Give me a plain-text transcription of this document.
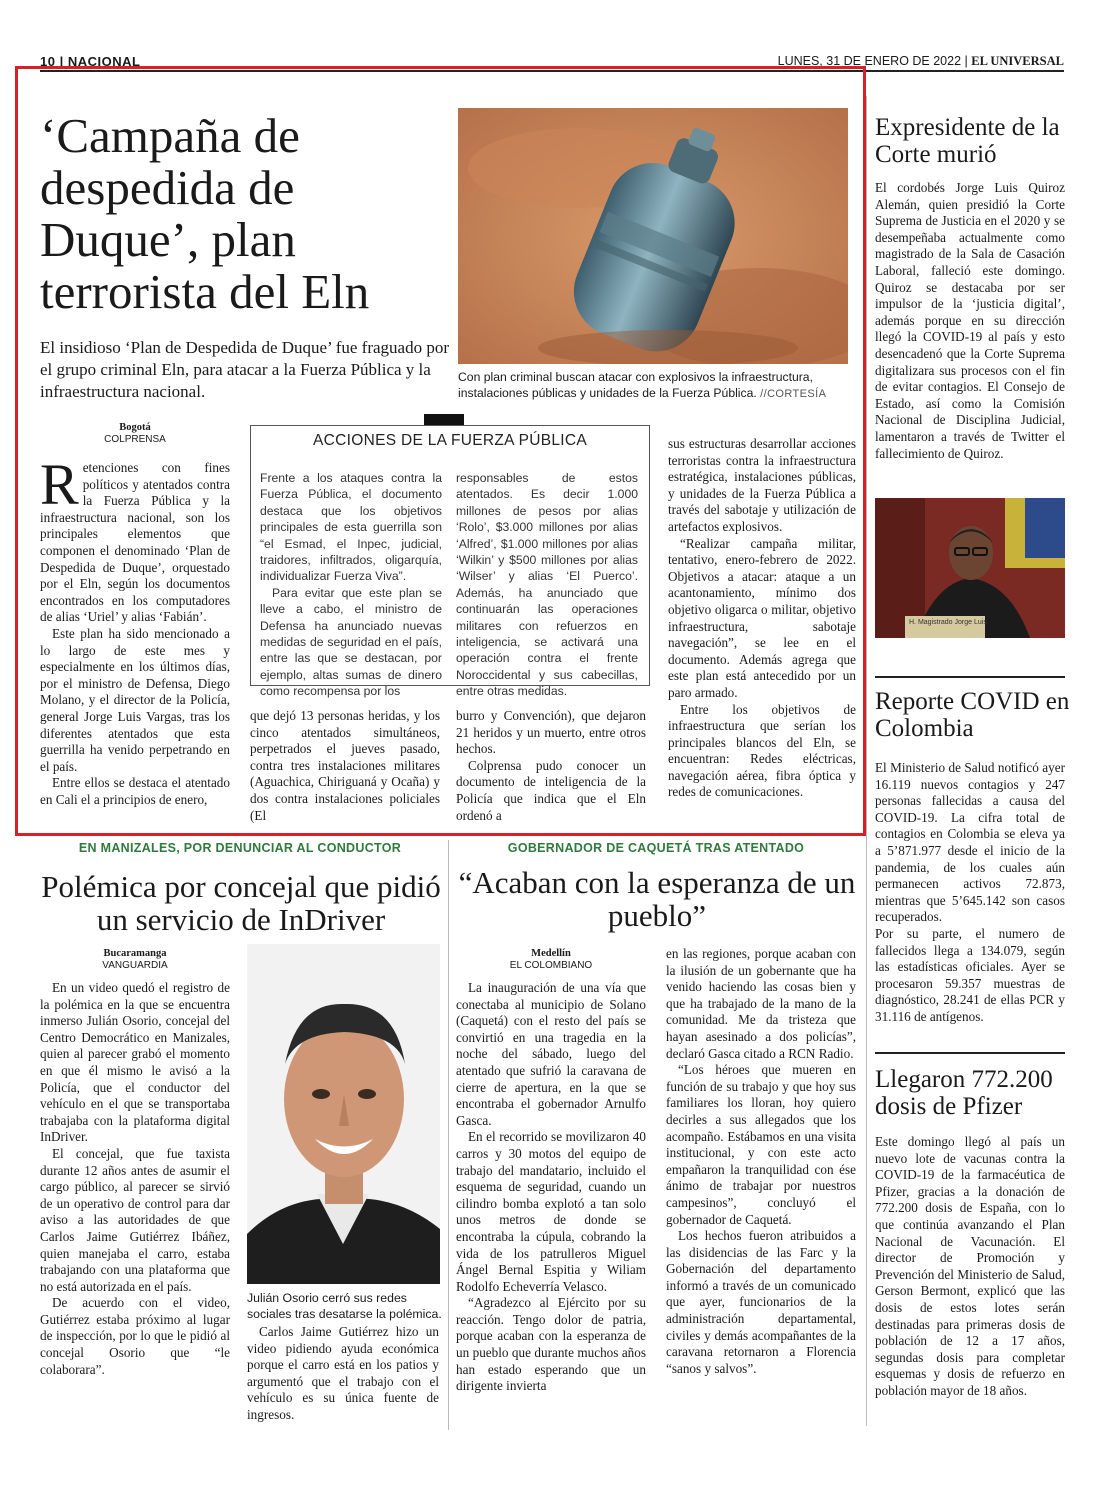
10 | NACIONAL	LUNES, 31 DE ENERO DE 2022 | EL UNIVERSAL
‘Campaña de despedida de Duque’, plan terrorista del Eln
El insidioso ‘Plan de Despedida de Duque’ fue fraguado por el grupo criminal Eln, para atacar a la Fuerza Pública y la infraestructura nacional.
Con plan criminal buscan atacar con explosivos la infraestructura, instalaciones públicas y unidades de la Fuerza Pública. //CORTESÍA
Bogotá
COLPRENSA
R etenciones con fines políticos y atentados contra la Fuerza Pública y la infraestructura nacional, son los principales elementos que componen el denominado ‘Plan de Despedida de Duque’, orquestado por el Eln, según los documentos encontrados en los computadores de alias ‘Uriel’ y alias ‘Fabián’.

Este plan ha sido mencionado a lo largo de este mes y especialmente en los últimos días, por el ministro de Defensa, Diego Molano, y el director de la Policía, general Jorge Luis Vargas, tras los diferentes atentados que esta guerrilla ha venido perpetrando en el país.

Entre ellos se destaca el atentado en Cali el a principios de enero,

ACCIONES DE LA FUERZA PÚBLICA
Frente a los ataques contra la Fuerza Pública, el documento destaca que los objetivos principales de esta guerrilla son “el Esmad, el Inpec, judicial, traidores, infiltrados, oligarquía, individualizar Fuerza Viva”.

Para evitar que este plan se lleve a cabo, el ministro de Defensa ha anunciado nuevas medidas de seguridad en el país, entre las que se destacan, por ejemplo, altas sumas de dinero como recompensa por los

responsables de estos atentados. Es decir 1.000 millones de pesos por alias ‘Rolo’, $3.000 millones por alias ‘Alfred’, $1.000 millones por alias ‘Wilkin’ y $500 millones por alias ‘Wilser’ y alias ‘El Puerco’. Además, ha anunciado que continuarán las operaciones militares con refuerzos en inteligencia, se activará una operación contra el frente Noroccidental y sus cabecillas, entre otras medidas.
que dejó 13 personas heridas, y los cinco atentados simultáneos, perpetrados el jueves pasado, contra tres instalaciones militares (Aguachica, Chiriguaná y Ocaña) y dos contra instalaciones policiales (El
burro y Convención), que dejaron 21 heridos y un muerto, entre otros hechos.

Colprensa pudo conocer un documento de inteligencia de la Policía que indica que el Eln ordenó a

sus estructuras desarrollar acciones terroristas contra la infraestructura estratégica, instalaciones públicas, y unidades de la Fuerza Pública a través del sabotaje y utilización de artefactos explosivos.

“Realizar campaña militar, tentativo, enero-febrero de 2022. Objetivos a atacar: ataque a un acantonamiento, mínimo dos objetivo oligarca o militar, objetivo infraestructura, sabotaje navegación”, se lee en el documento. Además agrega que este plan está antecedido por un paro armado.

Entre los objetivos de infraestructura que serían los principales blancos del Eln, se encuentran: Redes eléctricas, navegación aérea, fibra óptica y redes de comunicaciones.

Expresidente de la Corte murió
El cordobés Jorge Luis Quiroz Alemán, quien presidió la Corte Suprema de Justicia en el 2020 y se desempeñaba actualmente como magistrado de la Sala de Casación Laboral, falleció este domingo. Quiroz se destacaba por ser impulsor de la ‘justicia digital’, además porque en su dirección llegó la COVID-19 al país y esto desencadenó que la Corte Suprema digitalizara sus procesos con el fin de evitar contagios. El Consejo de Estado, así como la Comisión Nacional de Disciplina Judicial, lamentaron a través de Twitter el fallecimiento de Quiroz.
H. Magistrado Jorge Luis
Reporte COVID en Colombia
El Ministerio de Salud notificó ayer 16.119 nuevos contagios y 247 personas fallecidas a causa del COVID-19. La cifra total de contagios en Colombia se eleva ya a 5’871.977 desde el inicio de la pandemia, de los cuales aún permanecen activos 72.873, mientras que 5’645.142 son casos recuperados.
Por su parte, el numero de fallecidos llega a 134.079, según las estadísticas oficiales. Ayer se procesaron 59.357 muestras de diagnóstico, 28.241 de ellas PCR y 31.116 de antígenos.
Llegaron 772.200 dosis de Pfizer
Este domingo llegó al país un nuevo lote de vacunas contra la COVID-19 de la farmacéutica de Pfizer, gracias a la donación de 772.200 dosis de España, con lo que continúa avanzando el Plan Nacional de Vacunación. El director de Promoción y Prevención del Ministerio de Salud, Gerson Bermont, explicó que las dosis de estos lotes serán destinadas para primeras dosis de población de 12 a 17 años, segundas dosis para completar esquemas y dosis de refuerzo en población mayor de 18 años.
EN MANIZALES, POR DENUNCIAR AL CONDUCTOR
Polémica por concejal que pidió un servicio de InDriver
Bucaramanga
VANGUARDIA

En un video quedó el registro de la polémica en la que se encuentra inmerso Julián Osorio, concejal del Centro Democrático en Manizales, quien al parecer grabó el momento en que él mismo le avisó a la Policía, que el conductor del vehículo en el que se transportaba trabajaba con la plataforma digital InDriver.

El concejal, que fue taxista durante 12 años antes de asumir el cargo público, al parecer se sirvió de un operativo de control para dar aviso a las autoridades de que Carlos Jaime Gutiérrez Ibáñez, quien manejaba el carro, estaba trabajando con una plataforma que no está autorizada en el país.

De acuerdo con el video, Gutiérrez estaba próximo al lugar de inspección, por lo que le pidió al concejal Osorio que “le colaborara”.

Julián Osorio cerró sus redes sociales tras desatarse la polémica.

Carlos Jaime Gutiérrez hizo un video pidiendo ayuda económica porque el carro está en los patios y argumentó que el trabajo con el vehículo es su única fuente de ingresos.

GOBERNADOR DE CAQUETÁ TRAS ATENTADO
“Acaban con la esperanza de un pueblo”
Medellín
EL COLOMBIANO

La inauguración de una vía que conectaba al municipio de Solano (Caquetá) con el resto del país se convirtió en una tragedia en la noche del sábado, luego del atentado que sufrió la caravana de cierre de apertura, en la que se encontraba el gobernador Arnulfo Gasca.

En el recorrido se movilizaron 40 carros y 30 motos del equipo de trabajo del mandatario, incluido el esquema de seguridad, cuando un cilindro bomba explotó a tan solo unos metros de donde se encontraba la cúpula, cobrando la vida de los patrulleros Miguel Ángel Bernal Espitia y Wiliam Rodolfo Echeverría Velasco.

“Agradezco al Ejército por su reacción. Tengo dolor de patria, porque acaban con la esperanza de un pueblo que durante muchos años han estado esperando que un dirigente invierta

en las regiones, porque acaban con la ilusión de un gobernante que ha venido haciendo las cosas bien y que ha trabajado de la mano de la comunidad. Me da tristeza que hayan asesinado a dos policías”, declaró Gasca citado a RCN Radio.

“Los héroes que mueren en función de su trabajo y que hoy sus familiares los lloran, hoy quiero decirles a sus allegados que los acompaño. Estábamos en una visita institucional, y con este acto empañaron la tranquilidad con ése ánimo de trabajar por nuestros campesinos”, concluyó el gobernador de Caquetá.

Los hechos fueron atribuidos a las disidencias de las Farc y la Gobernación del departamento informó a través de un comunicado que ayer, funcionarios de la administración departamental, civiles y demás acompañantes de la caravana retornaron a Florencia “sanos y salvos”.
